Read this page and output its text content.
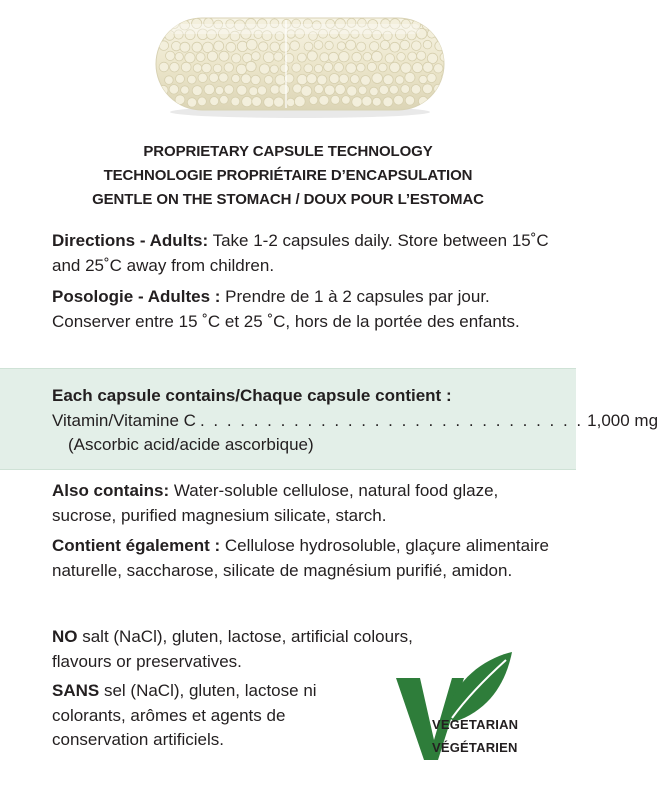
PROPRIETARY CAPSULE TECHNOLOGY
TECHNOLOGIE PROPRIÉTAIRE D’ENCAPSULATION
GENTLE ON THE STOMACH / DOUX POUR L’ESTOMAC

Directions - Adults: Take 1-2 capsules daily. Store between 15˚C and 25˚C away from children.

Posologie - Adultes : Prendre de 1 à 2 capsules par jour. Conserver entre 15 ˚C et 25 ˚C, hors de la portée des enfants.

Each capsule contains/Chaque capsule contient :
Vitamin/Vitamine C . . . . . . . . . . . . . . . . . . . . . . . . . . . . . 1,000 mg
(Ascorbic acid/acide ascorbique)

Also contains: Water-soluble cellulose, natural food glaze, sucrose, purified magnesium silicate, starch.

Contient également : Cellulose hydrosoluble, glaçure alimentaire naturelle, saccharose, silicate de magnésium purifié, amidon.

NO salt (NaCl), gluten, lactose, artificial colours, flavours or preservatives.

SANS sel (NaCl), gluten, lactose ni colorants, arômes et agents de conservation artificiels.

VEGETARIAN
VÉGÉTARIEN
